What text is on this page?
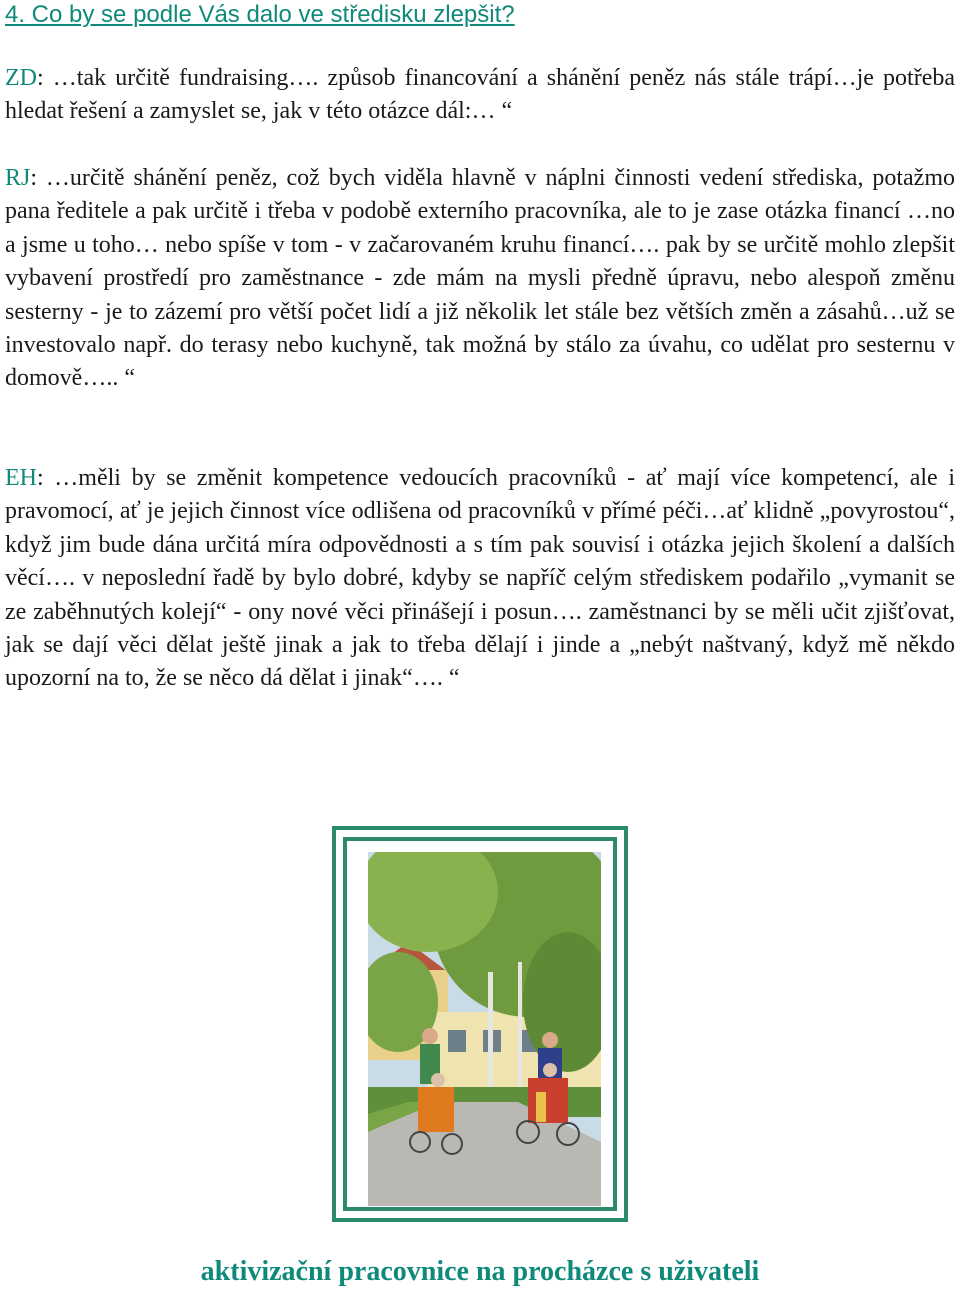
4. Co by se podle Vás dalo ve středisku zlepšit?

ZD: …tak určitě fundraising…. způsob financování a shánění peněz nás stále trápí…je potřeba hledat řešení a zamyslet se, jak v této otázce dál:… “

RJ: …určitě shánění peněz, což bych viděla hlavně v náplni činnosti vedení střediska, potažmo pana ředitele a pak určitě i třeba v podobě externího pracovníka, ale to je zase otázka financí …no a jsme u toho… nebo spíše v tom - v začarovaném kruhu financí…. pak by se určitě mohlo zlepšit vybavení prostředí pro zaměstnance - zde mám na mysli předně úpravu, nebo alespoň změnu sesterny - je to zázemí pro větší počet lidí a již několik let stále bez větších změn a zásahů…už se investovalo např. do terasy nebo kuchyně, tak možná by stálo za úvahu, co udělat pro sesternu v domově….. “

EH: …měli by se změnit kompetence vedoucích pracovníků - ať mají více kompetencí, ale i pravomocí, ať je jejich činnost více odlišena od pracovníků v přímé péči…ať klidně „povyrostou“, když jim bude dána určitá míra odpovědnosti a s tím pak souvisí i otázka jejich školení a dalších věcí…. v neposlední řadě by bylo dobré, kdyby se napříč celým střediskem podařilo „vymanit se ze zaběhnutých kolejí“ - ony nové věci přinášejí i posun…. zaměstnanci by se měli učit zjišťovat, jak se dají věci dělat ještě jinak a jak to třeba dělají i jinde a „nebýt naštvaný, když mě někdo upozorní na to, že se něco dá dělat i jinak“…. “

aktivizační pracovnice na procházce s uživateli
